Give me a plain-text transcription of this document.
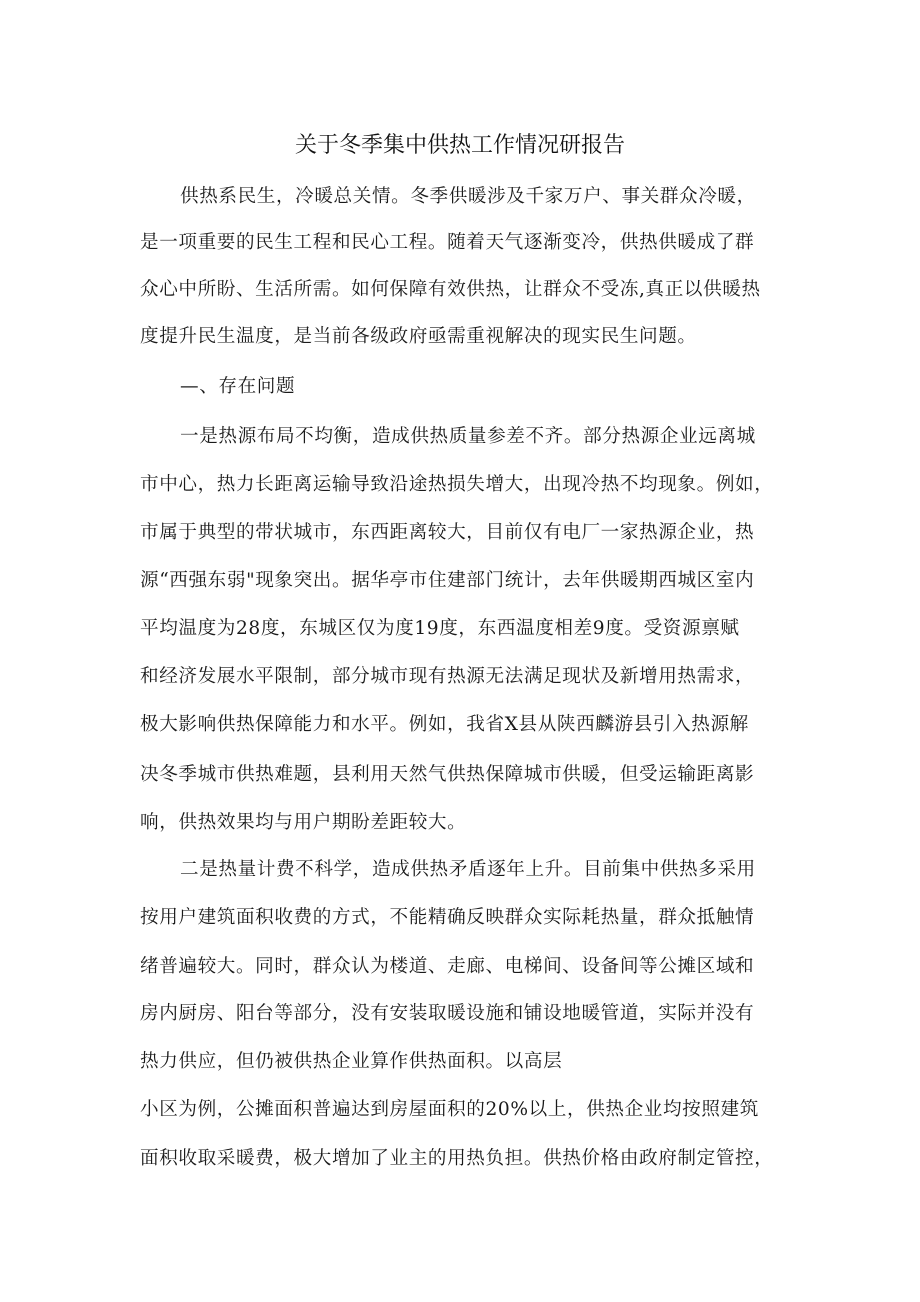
关于冬季集中供热工作情况研报告
供热系民生，冷暖总关情。冬季供暖涉及千家万户、事关群众冷暖，
是一项重要的民生工程和民心工程。随着天气逐渐变冷，供热供暖成了群
众心中所盼、生活所需。如何保障有效供热，让群众不受冻,真正以供暖热
度提升民生温度，是当前各级政府亟需重视解决的现实民生问题。
—、存在问题
一是热源布局不均衡，造成供热质量参差不齐。部分热源企业远离城
市中心，热力长距离运输导致沿途热损失增大，出现冷热不均现象。例如，
市属于典型的带状城市，东西距离较大，目前仅有电厂一家热源企业，热
源“西强东弱"现象突出。据华亭市住建部门统计，去年供暖期西城区室内
平均温度为28度，东城区仅为度19度，东西温度相差9度。受资源禀赋
和经济发展水平限制，部分城市现有热源无法满足现状及新增用热需求，
极大影响供热保障能力和水平。例如，我省X县从陕西麟游县引入热源解
决冬季城市供热难题，县利用天然气供热保障城市供暖，但受运输距离影
响，供热效果均与用户期盼差距较大。
二是热量计费不科学，造成供热矛盾逐年上升。目前集中供热多采用
按用户建筑面积收费的方式，不能精确反映群众实际耗热量，群众抵触情
绪普遍较大。同时，群众认为楼道、走廊、电梯间、设备间等公摊区域和
房内厨房、阳台等部分，没有安装取暖设施和铺设地暖管道，实际并没有
热力供应，但仍被供热企业算作供热面积。以高层
小区为例，公摊面积普遍达到房屋面积的20%以上，供热企业均按照建筑
面积收取采暖费，极大增加了业主的用热负担。供热价格由政府制定管控，
